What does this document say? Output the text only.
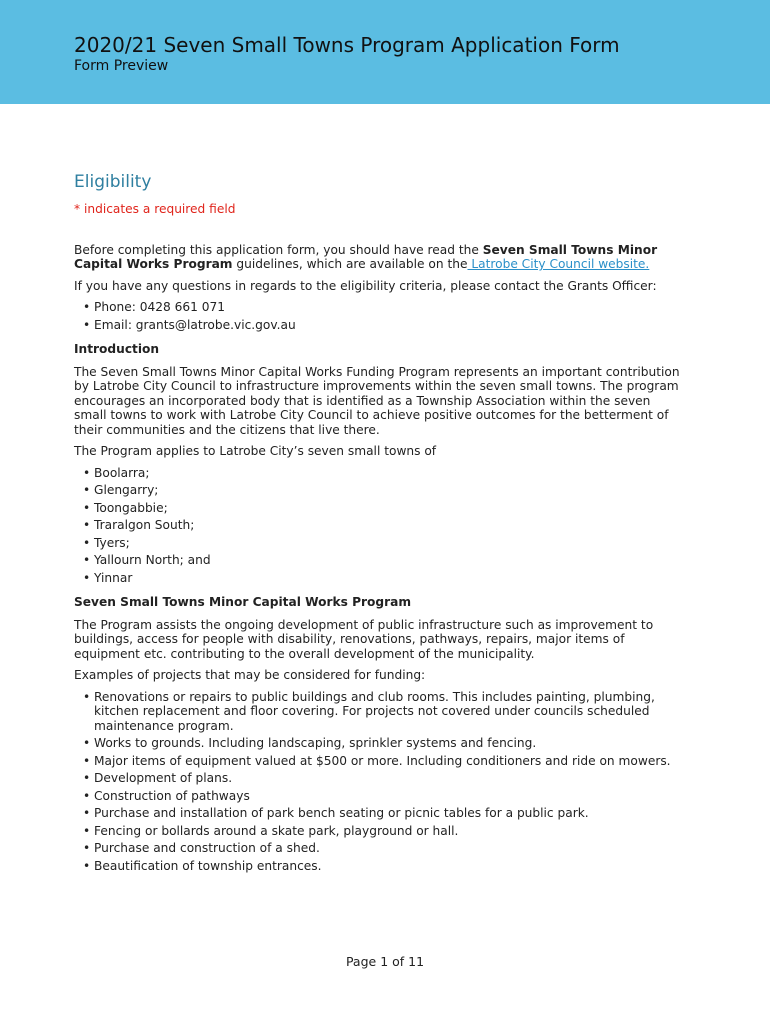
2020/21 Seven Small Towns Program Application Form
Form Preview
Eligibility
* indicates a required field

Before completing this application form, you should have read the Seven Small Towns Minor Capital Works Program guidelines, which are available on the Latrobe City Council website.

If you have any questions in regards to the eligibility criteria, please contact the Grants Officer:

• Phone: 0428 661 071
• Email: grants@latrobe.vic.gov.au
Introduction

The Seven Small Towns Minor Capital Works Funding Program represents an important contribution by Latrobe City Council to infrastructure improvements within the seven small towns. The program encourages an incorporated body that is identified as a Township Association within the seven small towns to work with Latrobe City Council to achieve positive outcomes for the betterment of their communities and the citizens that live there.

The Program applies to Latrobe City’s seven small towns of

• Boolarra;
• Glengarry;
• Toongabbie;
• Traralgon South;
• Tyers;
• Yallourn North; and
• Yinnar
Seven Small Towns Minor Capital Works Program

The Program assists the ongoing development of public infrastructure such as improvement to buildings, access for people with disability, renovations, pathways, repairs, major items of equipment etc. contributing to the overall development of the municipality.

Examples of projects that may be considered for funding:

• Renovations or repairs to public buildings and club rooms. This includes painting, plumbing, kitchen replacement and floor covering. For projects not covered under councils scheduled maintenance program.
• Works to grounds. Including landscaping, sprinkler systems and fencing.
• Major items of equipment valued at $500 or more. Including conditioners and ride on mowers.
• Development of plans.
• Construction of pathways
• Purchase and installation of park bench seating or picnic tables for a public park.
• Fencing or bollards around a skate park, playground or hall.
• Purchase and construction of a shed.
• Beautification of township entrances.
Page 1 of 11
